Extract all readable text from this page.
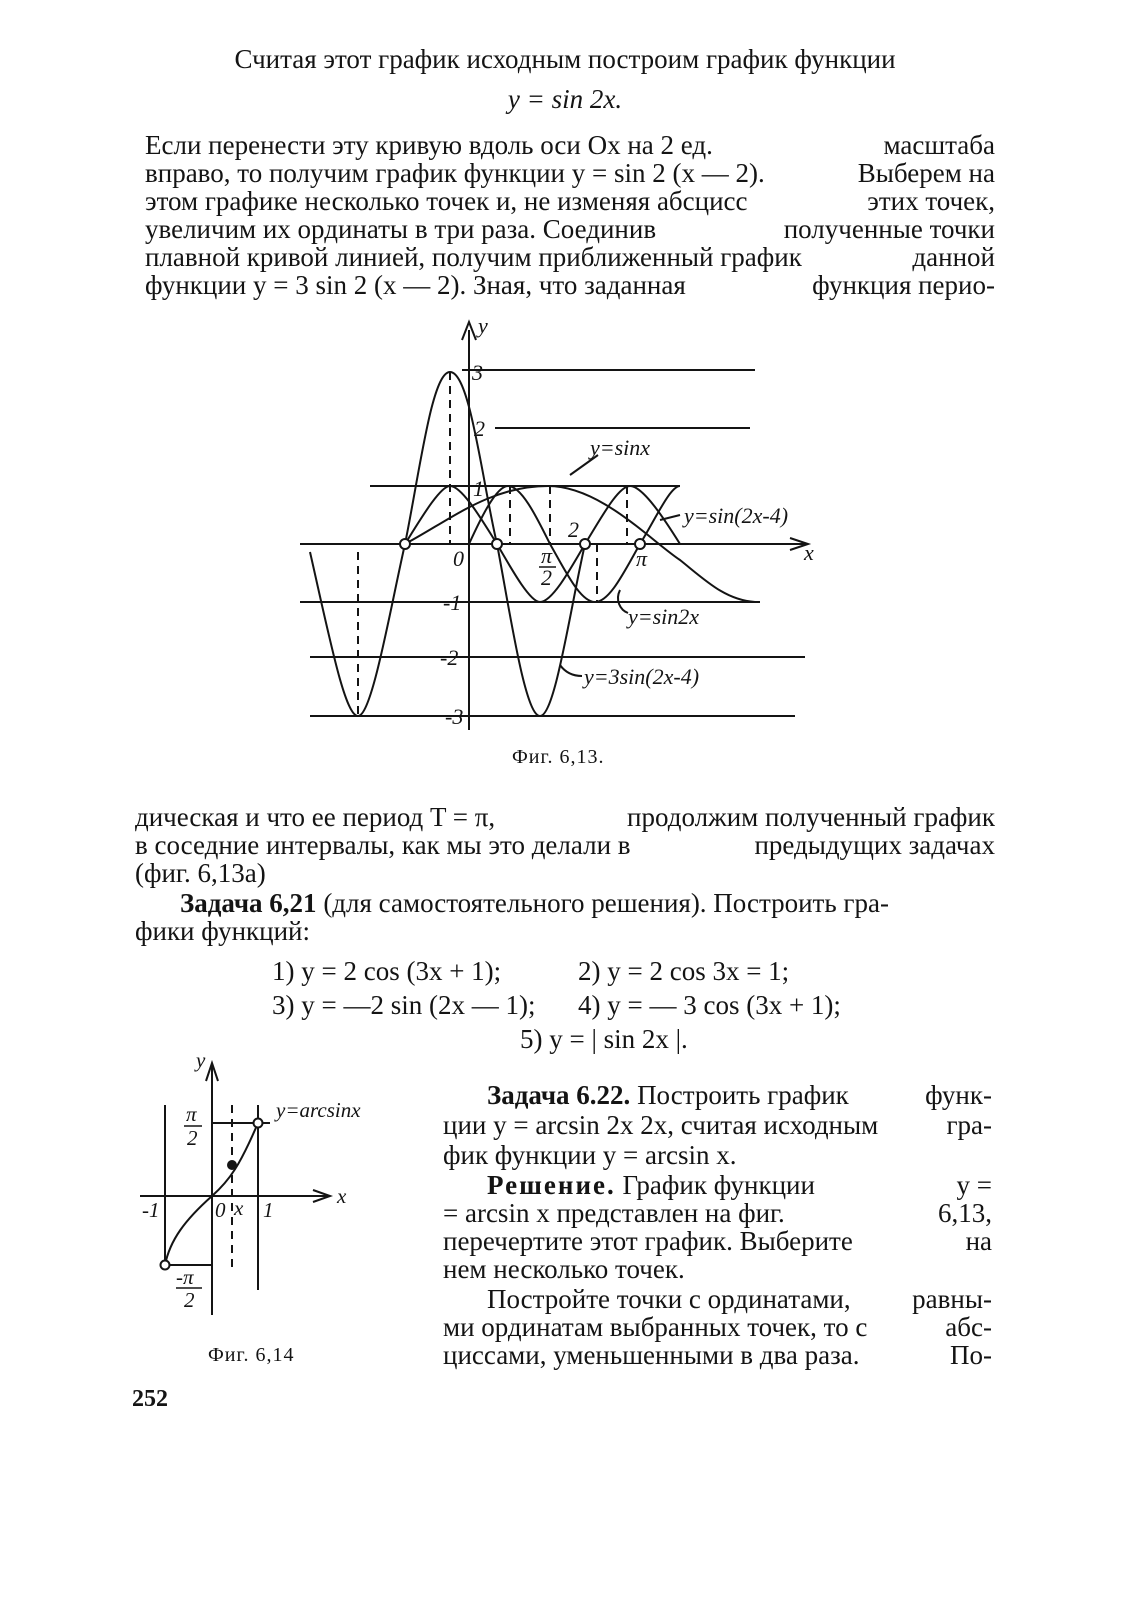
Считая этот график исходным построим график функции
y = sin 2x.
Если перенести эту кривую вдоль оси Ox на 2 ед.	масштаба
вправо, то получим график функции y = sin 2 (x — 2).	Выберем на
этом графике несколько точек и, не изменяя абсцисс	этих точек,
увеличим их ординаты в три раза. Соединив	полученные точки
плавной кривой линией, получим приближенный график	данной
функции y = 3 sin 2 (x — 2). Зная, что заданная	функция перио-
y
x
0
3
2
1
-1
-2
-3
π
2
π
2
y=sinx
y=sin(2x-4)
y=sin2x
y=3sin(2x-4)
Фиг. 6,13.
дическая и что ее период T = π,	продолжим полученный график
в соседние интервалы, как мы это делали в	предыдущих задачах
(фиг. 6,13a)
Задача 6,21 (для самостоятельного решения). Построить гра-
фики функций:
1) y = 2 cos (3x + 1);	2) y = 2 cos 3x = 1;
3) y = —2 sin (2x — 1); 4) y = — 3 cos (3x + 1);
5) y = | sin 2x |.
y
x
y=arcsinx
π
2
-π
2
-1	0 x 1
Фиг. 6,14
Задача 6.22. Построить график	функ-
ции y = arcsin 2x 2x, считая исходным	гра-
фик функции y = arcsin x.
Решение. График функции	y =
= arcsin x представлен на фиг.	6,13,
перечертите этот график. Выберите	на
нем несколько точек.
Постройте точки с ординатами, равны-
ми ординатам выбранных точек, то с	абс-
циссами, уменьшенными в два раза.	По-
252
